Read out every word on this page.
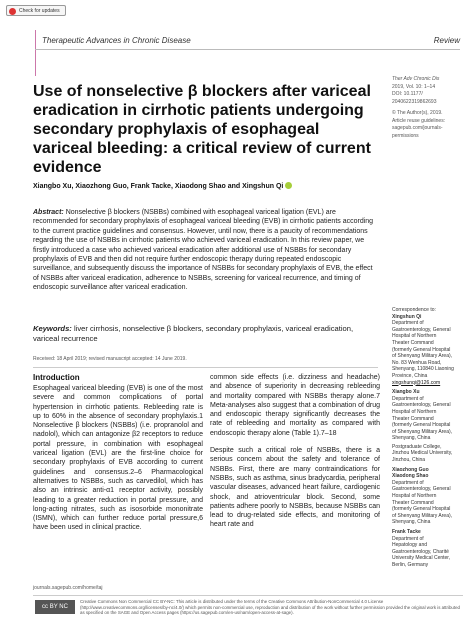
Check for updates
Therapeutic Advances in Chronic Disease	Review
Use of nonselective β blockers after variceal eradication in cirrhotic patients undergoing secondary prophylaxis of esophageal variceal bleeding: a critical review of current evidence
Ther Adv Chronic Dis
2019, Vol. 10: 1–14
DOI: 10.1177/
2040622319862693
© The Author(s), 2019.
Article reuse guidelines:
sagepub.com/journals-
permissions
Xiangbo Xu, Xiaozhong Guo, Frank Tacke, Xiaodong Shao and Xingshun Qi
Abstract: Nonselective β blockers (NSBBs) combined with esophageal variceal ligation (EVL) are recommended for secondary prophylaxis of esophageal variceal bleeding (EVB) in cirrhotic patients according to the current practice guidelines and consensus. However, until now, there is a paucity of recommendations regarding the use of NSBBs in cirrhotic patients who achieved variceal eradication. In this review paper, we firstly introduced a case who achieved variceal eradication after additional use of NSBBs for secondary prophylaxis of EVB and then did not require further endoscopic therapy during repeated endoscopic surveillance, and subsequently discuss the importance of NSBBs for secondary prophylaxis of EVB, the effect of NSBBs after variceal eradication, adherence to NSBBs, screening for variceal recurrence, and timing of endoscopic surveillance after variceal eradication.
Keywords: liver cirrhosis, nonselective β blockers, secondary prophylaxis, variceal eradication, variceal recurrence
Received: 18 April 2019; revised manuscript accepted: 14 June 2019.
Correspondence to:
Xingshun Qi
Department of
Gastroenterology, General
Hospital of Northern
Theater Command
(formerly General Hospital
of Shenyang Military Area),
No. 83 Wenhua Road,
Shenyang, 110840 Liaoning
Province, China
xingshunqi@126.com
Xiangbo Xu
Department of
Gastroenterology, General
Hospital of Northern
Theater Command
(formerly General Hospital
of Shenyang Military Area),
Shenyang, China
Postgraduate College,
Jinzhou Medical University,
Jinzhou, China
Xiaozhong Guo
Xiaodong Shao
Department of
Gastroenterology, General
Hospital of Northern
Theater Command
(formerly General Hospital
of Shenyang Military Area),
Shenyang, China
Frank Tacke
Department of
Hepatology and
Gastroenterology, Charité
University Medical Center,
Berlin, Germany
Introduction
Esophageal variceal bleeding (EVB) is one of the most severe and common complications of portal hypertension in cirrhotic patients. Rebleeding rate is up to 60% in the absence of secondary prophylaxis.1 Nonselective β blockers (NSBBs) (i.e. propranolol and nadolol), which can antagonize β2 receptors to reduce portal pressure, in combination with esophageal variceal ligation (EVL) are the first-line choice for secondary prophylaxis of EVB according to current guidelines and consensus.2–6 Pharmacological alternatives to NSBBs, such as carvedilol, which has also an intrinsic anti-α1 receptor activity, possibly leading to a greater reduction in portal pressure, and long-acting nitrates, such as isosorbide mononitrate (ISMN), which can further reduce portal pressure,6 have been used in clinical practice.
common side effects (i.e. dizziness and headache) and absence of superiority in decreasing rebleeding and mortality compared with NSBBs therapy alone.7 Meta-analyses also suggest that a combination of drug and endoscopic therapy significantly decreases the rate of rebleeding and mortality as compared with endoscopic therapy alone (Table 1).7–18
Despite such a critical role of NSBBs, there is a serious concern about the safety and tolerance of NSBBs. First, there are many contraindications for NSBBs, such as asthma, sinus bradycardia, peripheral vascular diseases, advanced heart failure, cardiogenic shock, and atrioventricular block. Second, some patients adhere poorly to NSBBs, because NSBBs can lead to drug-related side effects, and monitoring of heart rate and
journals.sagepub.com/home/taj
cc BY NC
Creative Commons Non Commercial CC BY-NC: This article is distributed under the terms of the Creative Commons Attribution-NonCommercial 4.0 License (http://www.creativecommons.org/licenses/by-nc/4.0/) which permits non-commercial use, reproduction and distribution of the work without further permission provided the original work is attributed as specified on the SAGE and Open Access pages (https://us.sagepub.com/en-us/nam/open-access-at-sage).
